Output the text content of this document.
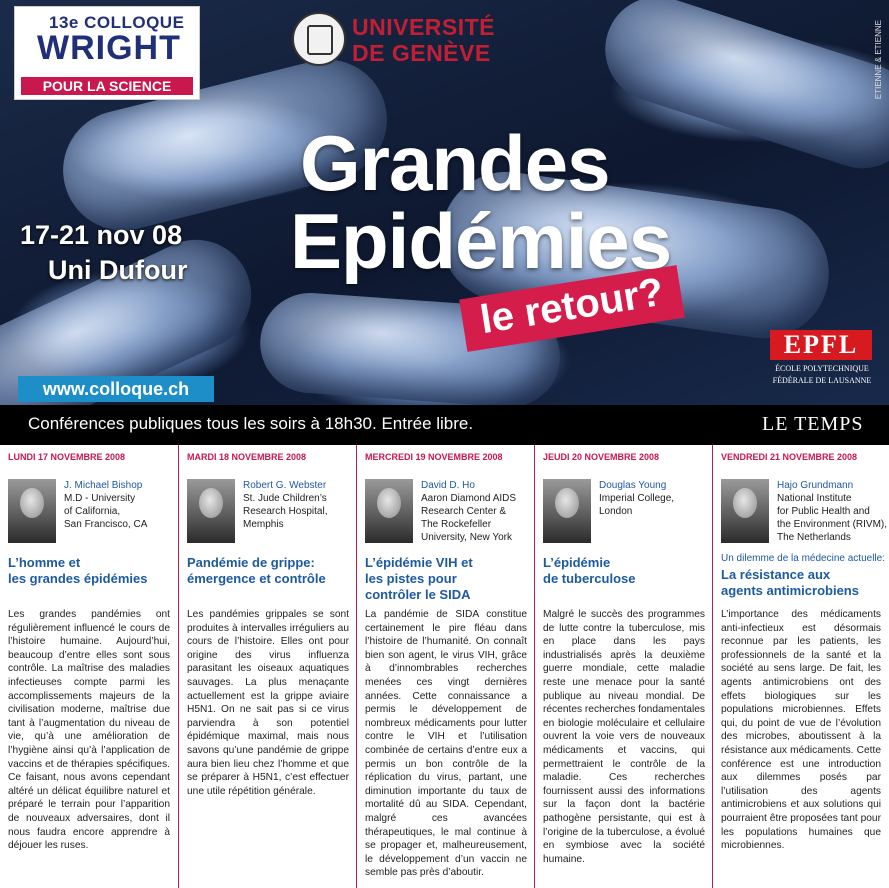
13e COLLOQUE
WRIGHT
POUR LA SCIENCE
UNIVERSITÉ
DE GENÈVE	ETIENNE & ETIENNE
Grandes
Epidémies
le retour?
17-21 nov 08
Uni Dufour
EPFL
ÉCOLE POLYTECHNIQUE
FÉDÉRALE DE LAUSANNE
www.colloque.ch
Conférences publiques tous les soirs à 18h30. Entrée libre.	LE TEMPS
LUNDI 17 NOVEMBRE 2008
J. Michael Bishop
M.D - University
of California,
San Francisco, CA
L’homme et
les grandes épidémies
Les grandes pandémies ont régulièrement influencé le cours de l’histoire humaine. Aujourd’hui, beaucoup d’entre elles sont sous contrôle. La maîtrise des maladies infectieuses compte parmi les accomplissements majeurs de la civilisation moderne, maîtrise due tant à l’augmentation du niveau de vie, qu’à une amélioration de l’hygiène ainsi qu’à l’application de vaccins et de thérapies spécifiques. Ce faisant, nous avons cependant altéré un délicat équilibre naturel et préparé le terrain pour l’apparition de nouveaux adversaires, dont il nous faudra encore apprendre à déjouer les ruses.
MARDI 18 NOVEMBRE 2008
Robert G. Webster
St. Jude Children’s
Research Hospital,
Memphis
Pandémie de grippe:
émergence et contrôle
Les pandémies grippales se sont produites à intervalles irréguliers au cours de l’histoire. Elles ont pour origine des virus influenza parasitant les oiseaux aquatiques sauvages. La plus menaçante actuellement est la grippe aviaire H5N1. On ne sait pas si ce virus parviendra à son potentiel épidémique maximal, mais nous savons qu’une pandémie de grippe aura bien lieu chez l’homme et que se préparer à H5N1, c’est effectuer une utile répétition générale.
MERCREDI 19 NOVEMBRE 2008
David D. Ho
Aaron Diamond AIDS
Research Center &
The Rockefeller
University, New York
L’épidémie VIH et
les pistes pour
contrôler le SIDA
La pandémie de SIDA constitue certainement le pire fléau dans l’histoire de l’humanité. On connaît bien son agent, le virus VIH, grâce à d’innombrables recherches menées ces vingt dernières années. Cette connaissance a permis le développement de nombreux médicaments pour lutter contre le VIH et l’utilisation combinée de certains d’entre eux a permis un bon contrôle de la réplication du virus, partant, une diminution importante du taux de mortalité dû au SIDA. Cependant, malgré ces avancées thérapeutiques, le mal continue à se propager et, malheureusement, le développement d’un vaccin ne semble pas près d’aboutir.
JEUDI 20 NOVEMBRE 2008
Douglas Young
Imperial College,
London
L’épidémie
de tuberculose
Malgré le succès des programmes de lutte contre la tuberculose, mis en place dans les pays industrialisés après la deuxième guerre mondiale, cette maladie reste une menace pour la santé publique au niveau mondial. De récentes recherches fondamentales en biologie moléculaire et cellulaire ouvrent la voie vers de nouveaux médicaments et vaccins, qui permettraient le contrôle de la maladie. Ces recherches fournissent aussi des informations sur la façon dont la bactérie pathogène persistante, qui est à l’origine de la tuberculose, a évolué en symbiose avec la société humaine.
VENDREDI 21 NOVEMBRE 2008
Hajo Grundmann
National Institute
for Public Health and
the Environment (RIVM),
The Netherlands
Un dilemme de la médecine actuelle:
La résistance aux
agents antimicrobiens
L’importance des médicaments anti-infectieux est désormais reconnue par les patients, les professionnels de la santé et la société au sens large. De fait, les agents antimicrobiens ont des effets biologiques sur les populations microbiennes. Effets qui, du point de vue de l’évolution des microbes, aboutissent à la résistance aux médicaments. Cette conférence est une introduction aux dilemmes posés par l’utilisation des agents antimicrobiens et aux solutions qui pourraient être proposées tant pour les populations humaines que microbiennes.
